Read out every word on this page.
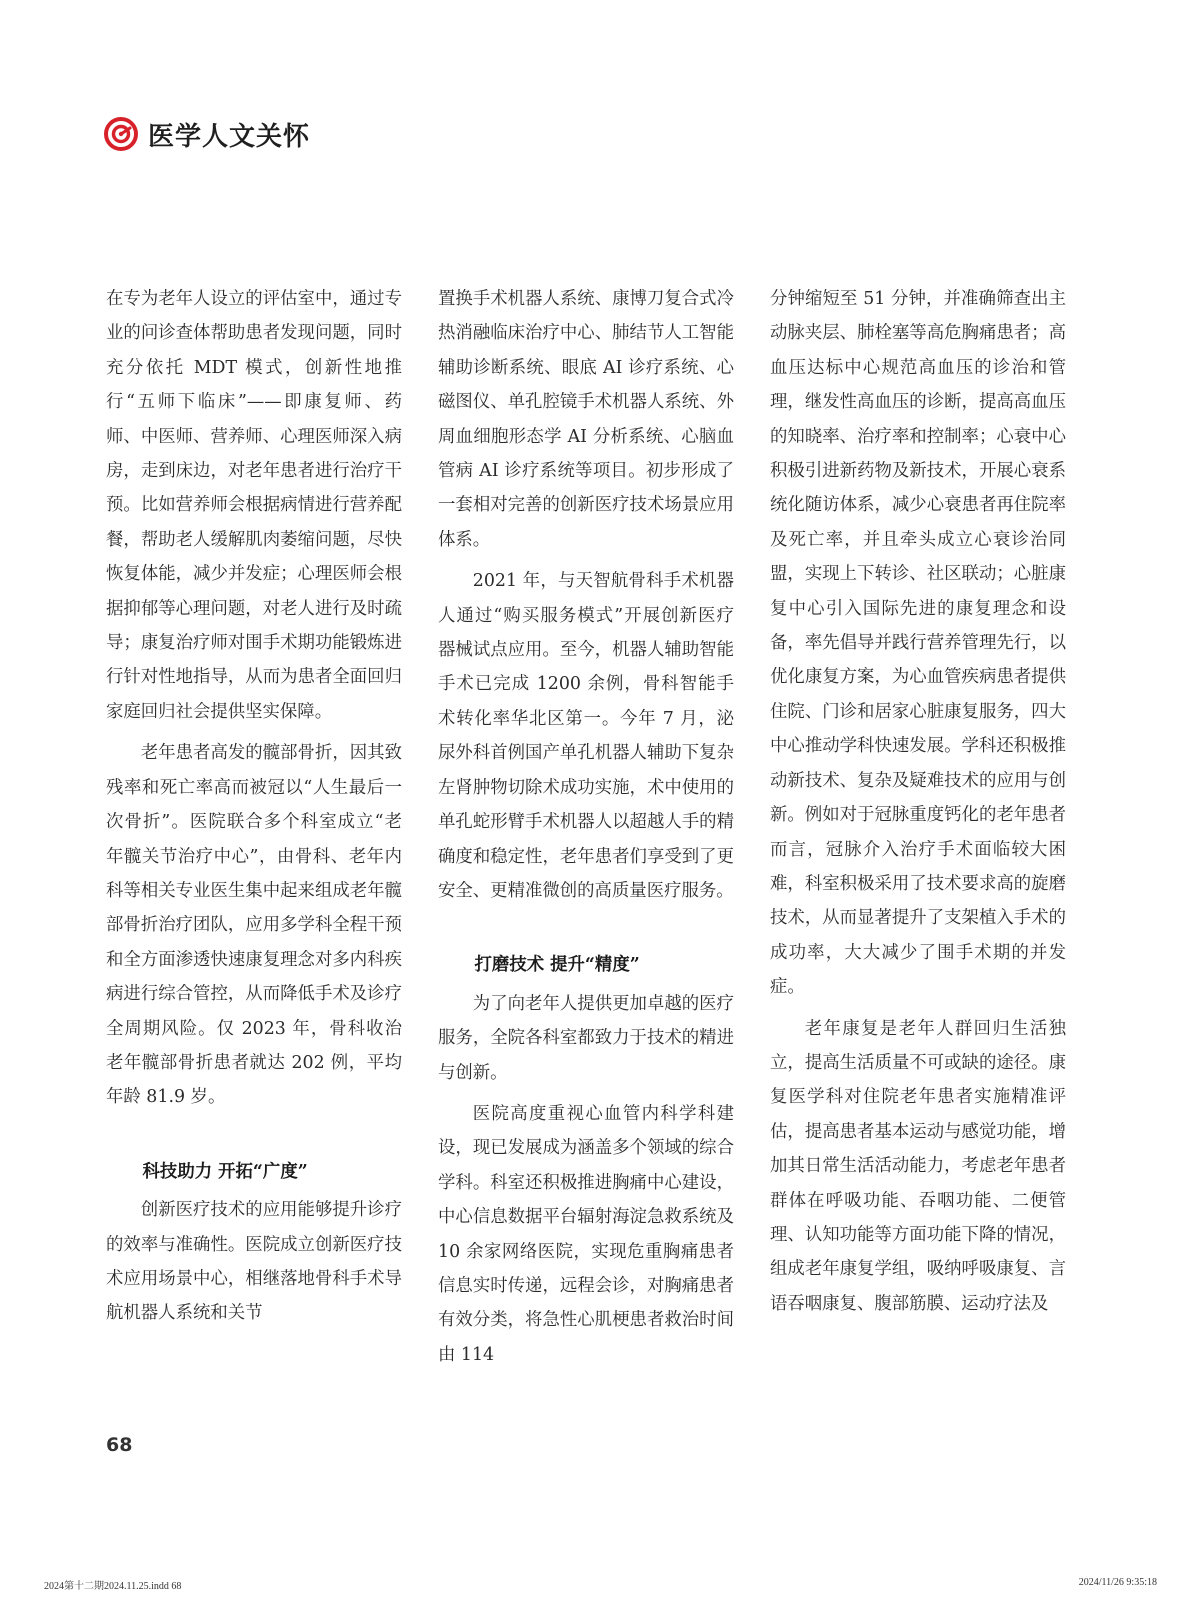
医学人文关怀

在专为老年人设立的评估室中，通过专业的问诊查体帮助患者发现问题，同时充分依托 MDT 模式，创新性地推行“五师下临床”——即康复师、药师、中医师、营养师、心理医师深入病房，走到床边，对老年患者进行治疗干预。比如营养师会根据病情进行营养配餐，帮助老人缓解肌肉萎缩问题，尽快恢复体能，减少并发症；心理医师会根据抑郁等心理问题，对老人进行及时疏导；康复治疗师对围手术期功能锻炼进行针对性地指导，从而为患者全面回归家庭回归社会提供坚实保障。

老年患者高发的髋部骨折，因其致残率和死亡率高而被冠以“人生最后一次骨折”。医院联合多个科室成立“老年髋关节治疗中心”，由骨科、老年内科等相关专业医生集中起来组成老年髋部骨折治疗团队，应用多学科全程干预和全方面渗透快速康复理念对多内科疾病进行综合管控，从而降低手术及诊疗全周期风险。仅 2023 年，骨科收治老年髋部骨折患者就达 202 例，平均年龄 81.9 岁。

科技助力 开拓“广度”

创新医疗技术的应用能够提升诊疗的效率与准确性。医院成立创新医疗技术应用场景中心，相继落地骨科手术导航机器人系统和关节

置换手术机器人系统、康博刀复合式冷热消融临床治疗中心、肺结节人工智能辅助诊断系统、眼底 AI 诊疗系统、心磁图仪、单孔腔镜手术机器人系统、外周血细胞形态学 AI 分析系统、心脑血管病 AI 诊疗系统等项目。初步形成了一套相对完善的创新医疗技术场景应用体系。

2021 年，与天智航骨科手术机器人通过“购买服务模式”开展创新医疗器械试点应用。至今，机器人辅助智能手术已完成 1200 余例，骨科智能手术转化率华北区第一。今年 7 月，泌尿外科首例国产单孔机器人辅助下复杂左肾肿物切除术成功实施，术中使用的单孔蛇形臂手术机器人以超越人手的精确度和稳定性，老年患者们享受到了更安全、更精准微创的高质量医疗服务。

打磨技术 提升“精度”

为了向老年人提供更加卓越的医疗服务，全院各科室都致力于技术的精进与创新。

医院高度重视心血管内科学科建设，现已发展成为涵盖多个领域的综合学科。科室还积极推进胸痛中心建设，中心信息数据平台辐射海淀急救系统及 10 余家网络医院，实现危重胸痛患者信息实时传递，远程会诊，对胸痛患者有效分类，将急性心肌梗患者救治时间由 114

分钟缩短至 51 分钟，并准确筛查出主动脉夹层、肺栓塞等高危胸痛患者；高血压达标中心规范高血压的诊治和管理，继发性高血压的诊断，提高高血压的知晓率、治疗率和控制率；心衰中心积极引进新药物及新技术，开展心衰系统化随访体系，减少心衰患者再住院率及死亡率，并且牵头成立心衰诊治同盟，实现上下转诊、社区联动；心脏康复中心引入国际先进的康复理念和设备，率先倡导并践行营养管理先行，以优化康复方案，为心血管疾病患者提供住院、门诊和居家心脏康复服务，四大中心推动学科快速发展。学科还积极推动新技术、复杂及疑难技术的应用与创新。例如对于冠脉重度钙化的老年患者而言，冠脉介入治疗手术面临较大困难，科室积极采用了技术要求高的旋磨技术，从而显著提升了支架植入手术的成功率，大大减少了围手术期的并发症。

老年康复是老年人群回归生活独立，提高生活质量不可或缺的途径。康复医学科对住院老年患者实施精准评估，提高患者基本运动与感觉功能，增加其日常生活活动能力，考虑老年患者群体在呼吸功能、吞咽功能、二便管理、认知功能等方面功能下降的情况，组成老年康复学组，吸纳呼吸康复、言语吞咽康复、腹部筋膜、运动疗法及

68
2024第十二期2024.11.25.indd 68	2024/11/26 9:35:18
